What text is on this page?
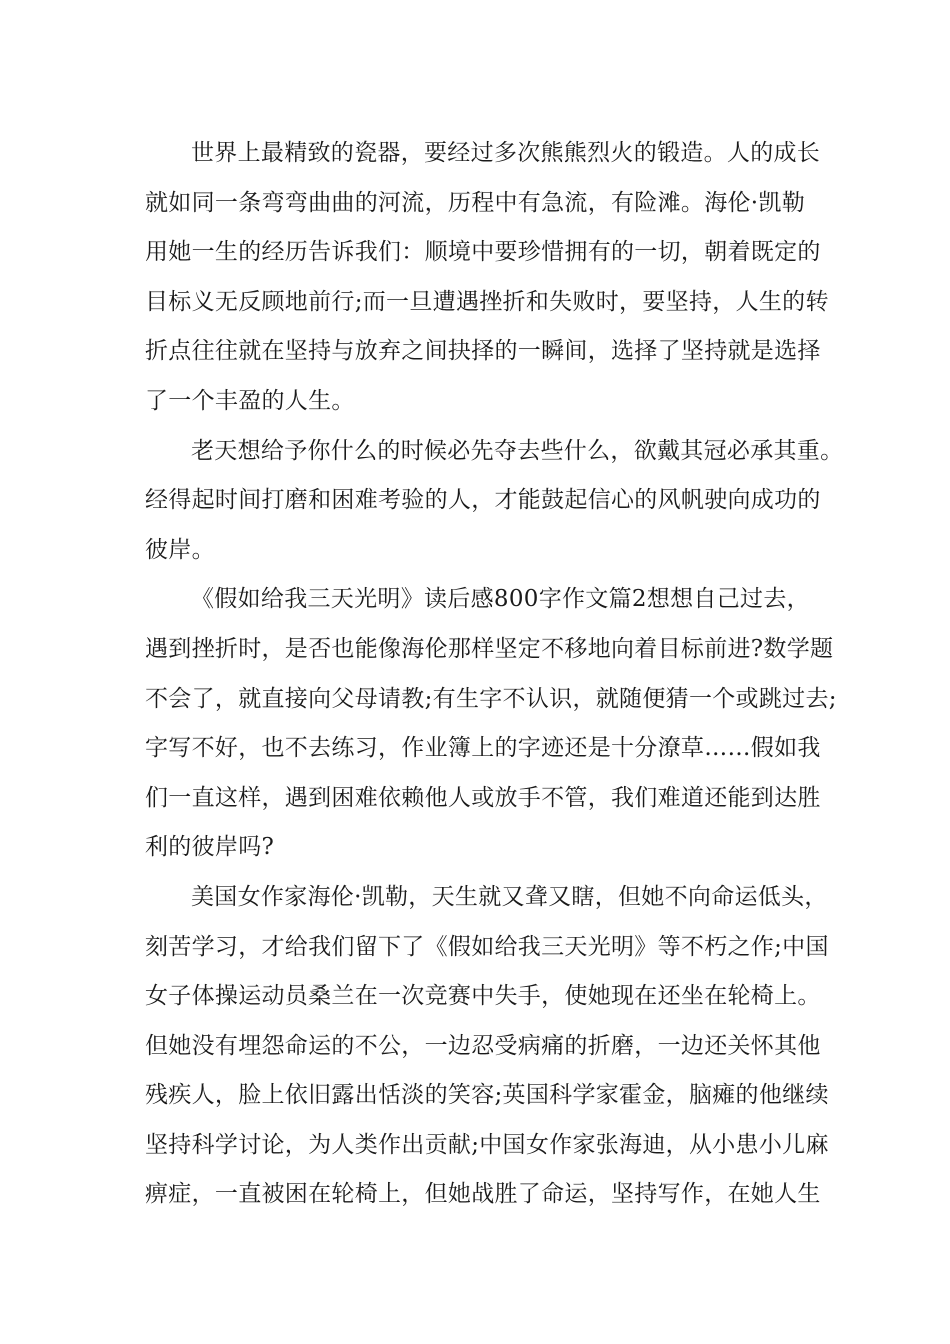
世界上最精致的瓷器，要经过多次熊熊烈火的锻造。人的成长
就如同一条弯弯曲曲的河流，历程中有急流，有险滩。海伦·凯勒
用她一生的经历告诉我们：顺境中要珍惜拥有的一切，朝着既定的
目标义无反顾地前行;而一旦遭遇挫折和失败时，要坚持，人生的转
折点往往就在坚持与放弃之间抉择的一瞬间，选择了坚持就是选择
了一个丰盈的人生。
老天想给予你什么的时候必先夺去些什么，欲戴其冠必承其重。
经得起时间打磨和困难考验的人，才能鼓起信心的风帆驶向成功的
彼岸。
《假如给我三天光明》读后感800字作文篇2想想自己过去，
遇到挫折时，是否也能像海伦那样坚定不移地向着目标前进?数学题
不会了，就直接向父母请教;有生字不认识，就随便猜一个或跳过去;
字写不好，也不去练习，作业簿上的字迹还是十分潦草……假如我
们一直这样，遇到困难依赖他人或放手不管，我们难道还能到达胜
利的彼岸吗?
美国女作家海伦·凯勒，天生就又聋又瞎，但她不向命运低头，
刻苦学习，才给我们留下了《假如给我三天光明》等不朽之作;中国
女子体操运动员桑兰在一次竞赛中失手，使她现在还坐在轮椅上。
但她没有埋怨命运的不公，一边忍受病痛的折磨，一边还关怀其他
残疾人，脸上依旧露出恬淡的笑容;英国科学家霍金，脑瘫的他继续
坚持科学讨论，为人类作出贡献;中国女作家张海迪，从小患小儿麻
痹症，一直被困在轮椅上，但她战胜了命运，坚持写作，在她人生
